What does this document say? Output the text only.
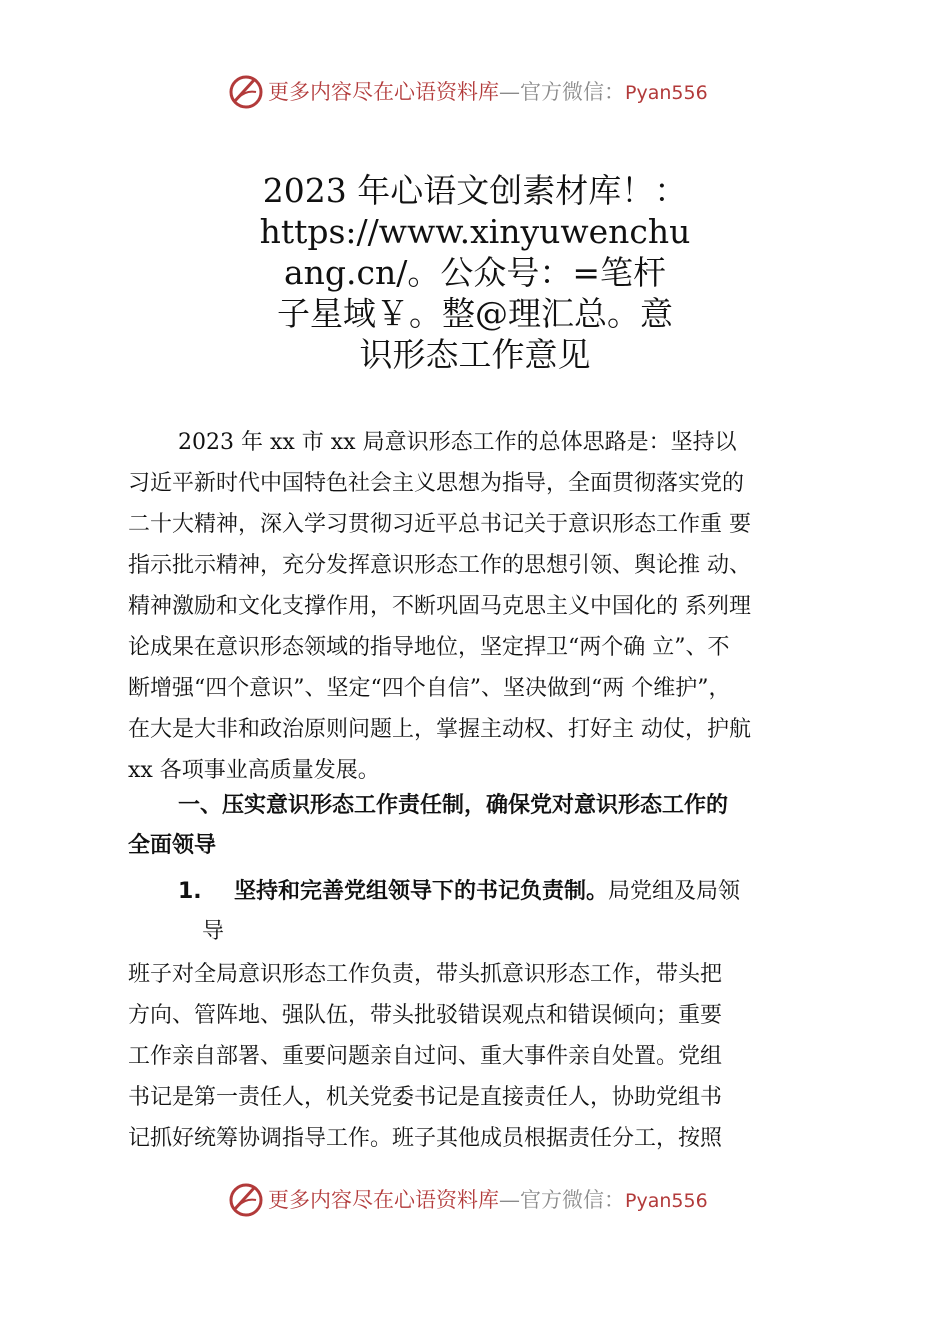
更多内容尽在心语资料库—官方微信：Pyan556
2023 年心语文创素材库！：
https://www.xinyuwenchu
ang.cn/。公众号：=笔杆
子星域￥。整@理汇总。意
识形态工作意见
2023 年 xx 市 xx 局意识形态工作的总体思路是：坚持以
习近平新时代中国特色社会主义思想为指导，全面贯彻落实党的
二十大精神，深入学习贯彻习近平总书记关于意识形态工作重 要
指示批示精神，充分发挥意识形态工作的思想引领、舆论推 动、
精神激励和文化支撑作用，不断巩固马克思主义中国化的 系列理
论成果在意识形态领域的指导地位，坚定捍卫“两个确 立”、不
断增强“四个意识”、坚定“四个自信”、坚决做到“两 个维护”，
在大是大非和政治原则问题上，掌握主动权、打好主 动仗，护航
xx 各项事业高质量发展。
一、压实意识形态工作责任制，确保党对意识形态工作的
全面领导
1. 坚持和完善党组领导下的书记负责制。局党组及局领
导
班子对全局意识形态工作负责，带头抓意识形态工作，带头把
方向、管阵地、强队伍，带头批驳错误观点和错误倾向；重要
工作亲自部署、重要问题亲自过问、重大事件亲自处置。党组
书记是第一责任人，机关党委书记是直接责任人，协助党组书
记抓好统筹协调指导工作。班子其他成员根据责任分工，按照
更多内容尽在心语资料库—官方微信：Pyan556
